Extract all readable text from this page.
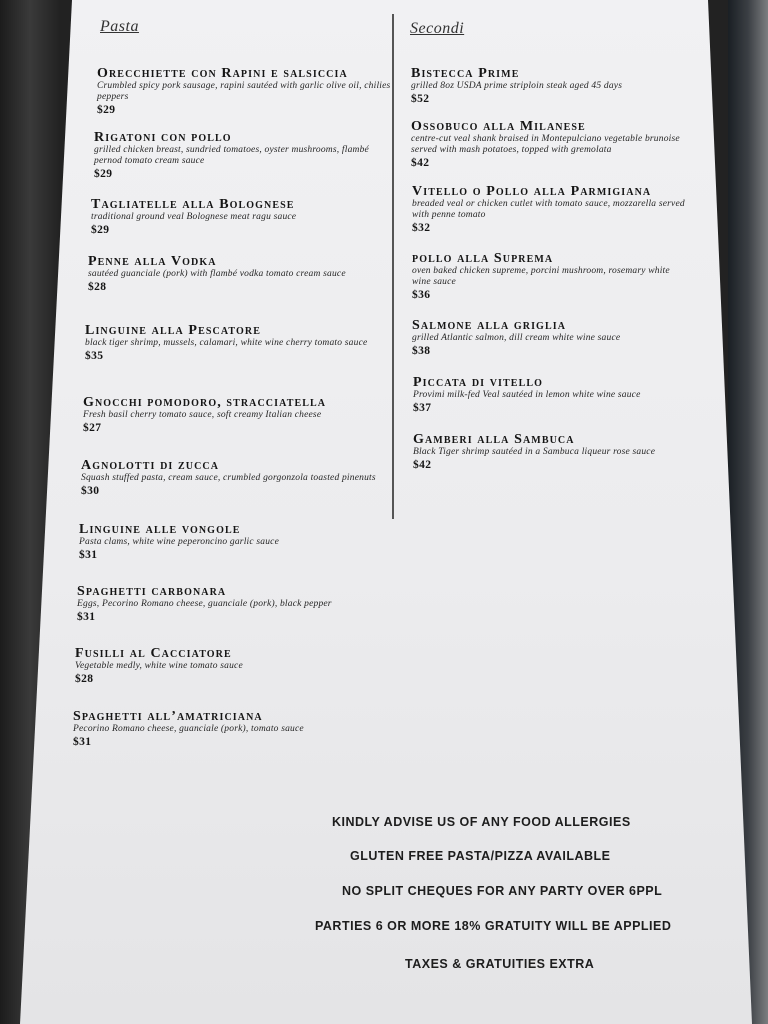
Pasta	Secondi
Orecchiette con Rapini e salsiccia
Crumbled spicy pork sausage, rapini sautéed with garlic olive oil, chilies peppers
$29
Rigatoni con pollo
grilled chicken breast, sundried tomatoes, oyster mushrooms, flambé pernod tomato cream sauce
$29
Tagliatelle alla Bolognese
traditional ground veal Bolognese meat ragu sauce
$29
Penne alla Vodka
sautéed guanciale (pork) with flambé vodka tomato cream sauce
$28
Linguine alla Pescatore
black tiger shrimp, mussels, calamari, white wine cherry tomato sauce
$35
Gnocchi pomodoro, stracciatella
Fresh basil cherry tomato sauce, soft creamy Italian cheese
$27
Agnolotti di zucca
Squash stuffed pasta, cream sauce, crumbled gorgonzola toasted pinenuts
$30
Linguine alle vongole
Pasta clams, white wine peperoncino garlic sauce
$31
Spaghetti carbonara
Eggs, Pecorino Romano cheese, guanciale (pork), black pepper
$31
Fusilli al Cacciatore
Vegetable medly, white wine tomato sauce
$28
Spaghetti all’amatriciana
Pecorino Romano cheese, guanciale (pork), tomato sauce
$31
Bistecca Prime
grilled 8oz USDA prime striploin steak aged 45 days
$52
Ossobuco alla Milanese
centre-cut veal shank braised in Montepulciano vegetable brunoise served with mash potatoes, topped with gremolata
$42
Vitello o Pollo alla Parmigiana
breaded veal or chicken cutlet with tomato sauce, mozzarella served with penne tomato
$32
pollo alla Suprema
oven baked chicken supreme, porcini mushroom, rosemary white wine sauce
$36
Salmone alla griglia
grilled Atlantic salmon, dill cream white wine sauce
$38
Piccata di vitello
Provimi milk-fed Veal sautéed in lemon white wine sauce
$37
Gamberi alla Sambuca
Black Tiger shrimp sautéed in a Sambuca liqueur rose sauce
$42
KINDLY ADVISE US OF ANY FOOD ALLERGIES
GLUTEN FREE PASTA/PIZZA AVAILABLE
NO SPLIT CHEQUES FOR ANY PARTY OVER 6PPL
PARTIES 6 OR MORE 18% GRATUITY WILL BE APPLIED
TAXES & GRATUITIES EXTRA
